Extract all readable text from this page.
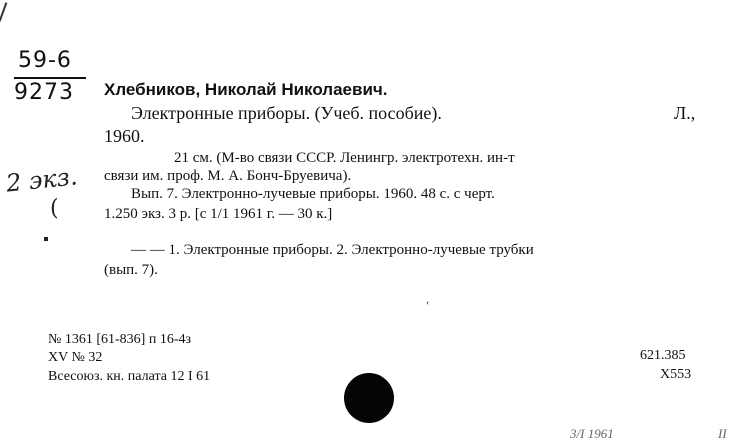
59-6
9273 Хлебников, Николай Николаевич.
Электронные приборы. (Учеб. пособие).	Л.,
1960.
21 см. (М-во связи СССР. Ленингр. электротехн. ин-т
связи им. проф. М. А. Бонч-Бруевича).
2 экз.
(
Вып. 7. Электронно-лучевые приборы. 1960. 48 с. с черт.
1.250 экз. 3 р. [с 1/1 1961 г. — 30 к.]
— — 1. Электронные приборы. 2. Электронно-лучевые трубки
(вып. 7).
ˊ
№ 1361 [61-836] п 16-4з
XV № 32
Всесоюз. кн. палата 12 I 61
621.385
Х553
3/I 1961	II
